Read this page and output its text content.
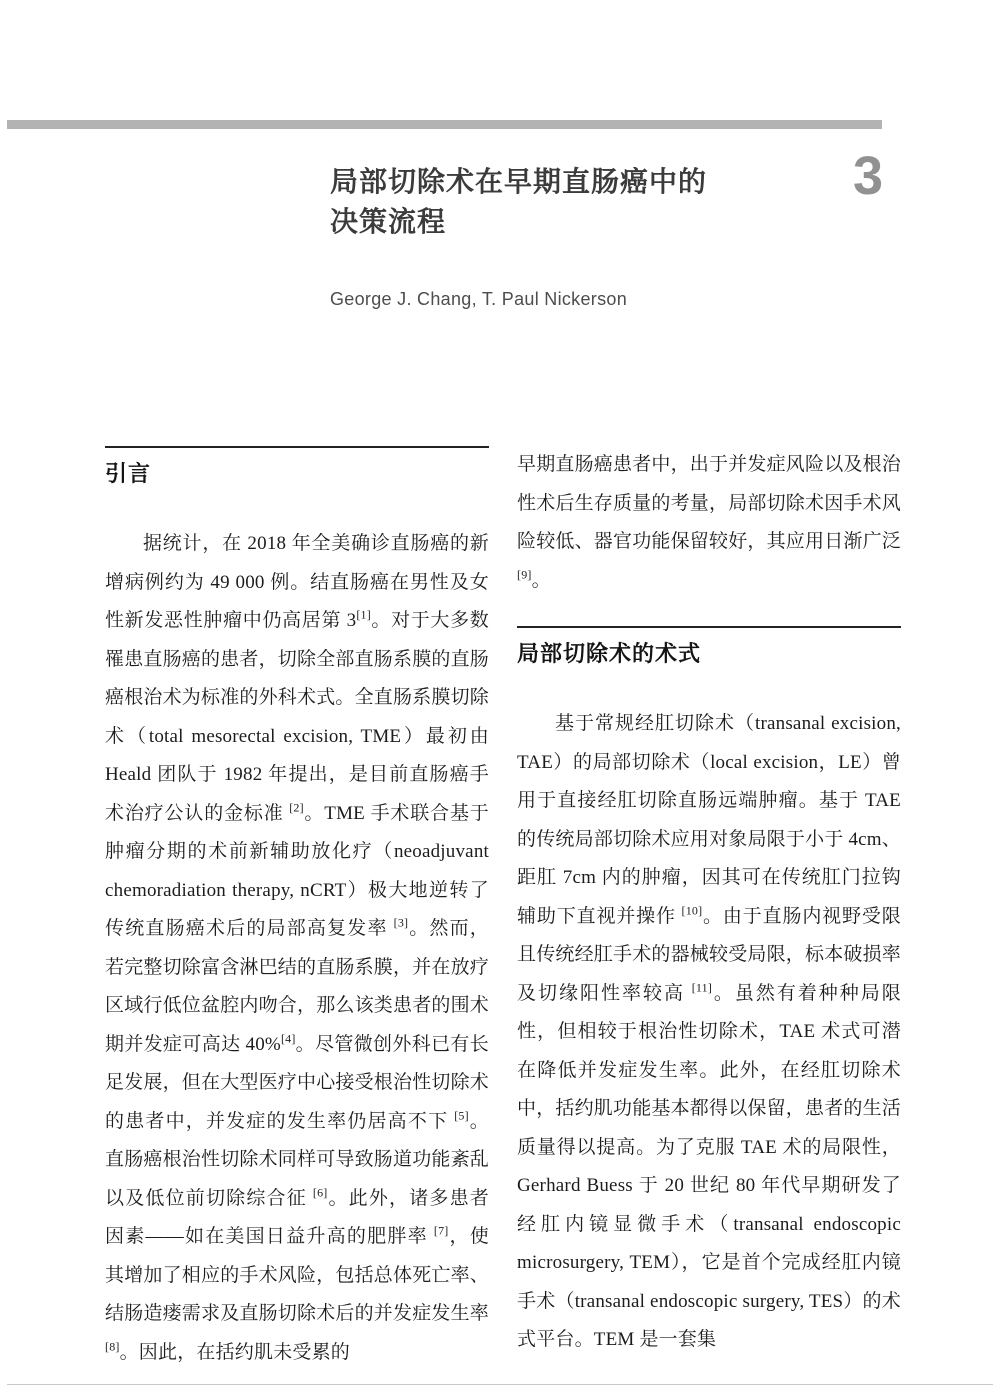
3
局部切除术在早期直肠癌中的
决策流程
George J. Chang, T. Paul Nickerson
引言

据统计，在 2018 年全美确诊直肠癌的新增病例约为 49 000 例。结直肠癌在男性及女性新发恶性肿瘤中仍高居第 3[1]。对于大多数罹患直肠癌的患者，切除全部直肠系膜的直肠癌根治术为标准的外科术式。全直肠系膜切除术（total mesorectal excision, TME）最初由 Heald 团队于 1982 年提出，是目前直肠癌手术治疗公认的金标准 [2]。TME 手术联合基于肿瘤分期的术前新辅助放化疗（neoadjuvant chemoradiation therapy, nCRT）极大地逆转了传统直肠癌术后的局部高复发率 [3]。然而，若完整切除富含淋巴结的直肠系膜，并在放疗区域行低位盆腔内吻合，那么该类患者的围术期并发症可高达 40%[4]。尽管微创外科已有长足发展，但在大型医疗中心接受根治性切除术的患者中，并发症的发生率仍居高不下 [5]。直肠癌根治性切除术同样可导致肠道功能紊乱以及低位前切除综合征 [6]。此外，诸多患者因素——如在美国日益升高的肥胖率 [7]，使其增加了相应的手术风险，包括总体死亡率、结肠造瘘需求及直肠切除术后的并发症发生率 [8]。因此，在括约肌未受累的

早期直肠癌患者中，出于并发症风险以及根治性术后生存质量的考量，局部切除术因手术风险较低、器官功能保留较好，其应用日渐广泛 [9]。

局部切除术的术式

基于常规经肛切除术（transanal excision, TAE）的局部切除术（local excision，LE）曾用于直接经肛切除直肠远端肿瘤。基于 TAE 的传统局部切除术应用对象局限于小于 4cm、距肛 7cm 内的肿瘤，因其可在传统肛门拉钩辅助下直视并操作 [10]。由于直肠内视野受限且传统经肛手术的器械较受局限，标本破损率及切缘阳性率较高 [11]。虽然有着种种局限性，但相较于根治性切除术，TAE 术式可潜在降低并发症发生率。此外，在经肛切除术中，括约肌功能基本都得以保留，患者的生活质量得以提高。为了克服 TAE 术的局限性，Gerhard Buess 于 20 世纪 80 年代早期研发了经肛内镜显微手术（transanal endoscopic microsurgery, TEM），它是首个完成经肛内镜手术（transanal endoscopic surgery, TES）的术式平台。TEM 是一套集
